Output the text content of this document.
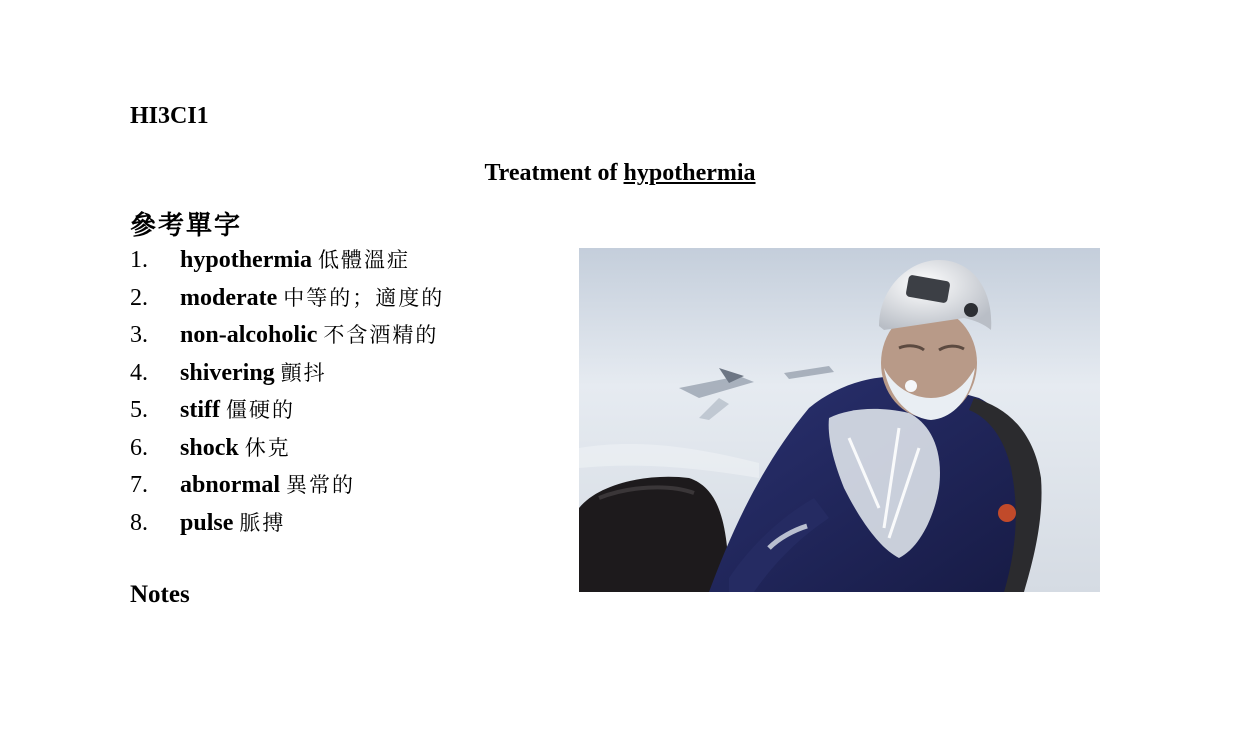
HI3CI1
Treatment of hypothermia
參考單字
1. hypothermia 低體溫症
2. moderate 中等的；適度的
3. non-alcoholic 不含酒精的
4. shivering 顫抖
5. stiff 僵硬的
6. shock 休克
7. abnormal 異常的
8. pulse 脈搏
Notes
